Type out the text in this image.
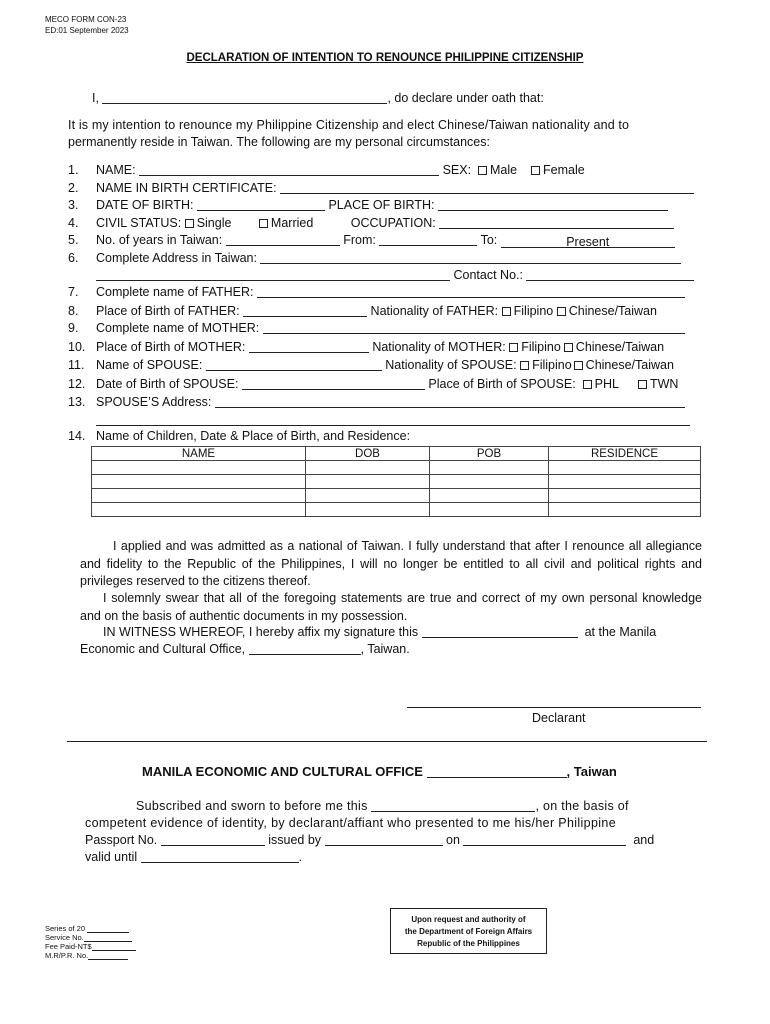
MECO FORM CON-23
ED:01 September 2023
DECLARATION OF INTENTION TO RENOUNCE PHILIPPINE CITIZENSHIP
I,	, do declare under oath that:
It is my intention to renounce my Philippine Citizenship and elect Chinese/Taiwan nationality and to
permanently reside in Taiwan. The following are my personal circumstances:
1. NAME:	SEX: Male Female
2. NAME IN BIRTH CERTIFICATE:
3. DATE OF BIRTH:	PLACE OF BIRTH:
4. CIVIL STATUS: Single	Married	OCCUPATION:
5. No. of years in Taiwan:	From:	To:	Present
6. Complete Address in Taiwan:
Contact No.:
7. Complete name of FATHER:
8. Place of Birth of FATHER:	Nationality of FATHER: Filipino Chinese/Taiwan
9. Complete name of MOTHER:
10. Place of Birth of MOTHER:	Nationality of MOTHER: Filipino Chinese/Taiwan
11. Name of SPOUSE:	Nationality of SPOUSE: Filipino Chinese/Taiwan
12. Date of Birth of SPOUSE:	Place of Birth of SPOUSE: PHL	TWN
13. SPOUSE’S Address:
14. Name of Children, Date & Place of Birth, and Residence:
NAME	DOB	POB	RESIDENCE

I applied and was admitted as a national of Taiwan. I fully understand that after I renounce all allegiance and fidelity to the Republic of the Philippines, I will no longer be entitled to all civil and political rights and privileges reserved to the citizens thereof.
I solemnly swear that all of the foregoing statements are true and correct of my own personal knowledge and on the basis of authentic documents in my possession.
IN WITNESS WHEREOF, I hereby affix my signature this	at the Manila
Economic and Cultural Office,	, Taiwan.
Declarant
MANILA ECONOMIC AND CULTURAL OFFICE	, Taiwan
Subscribed and sworn to before me this	, on the basis of
competent evidence of identity, by declarant/affiant who presented to me his/her Philippine
Passport No.	issued by	on	and
valid until	.
Series of 20
Service No.
Fee Paid-NT$
M.R/P.R. No.
Upon request and authority of
the Department of Foreign Affairs
Republic of the Philippines
